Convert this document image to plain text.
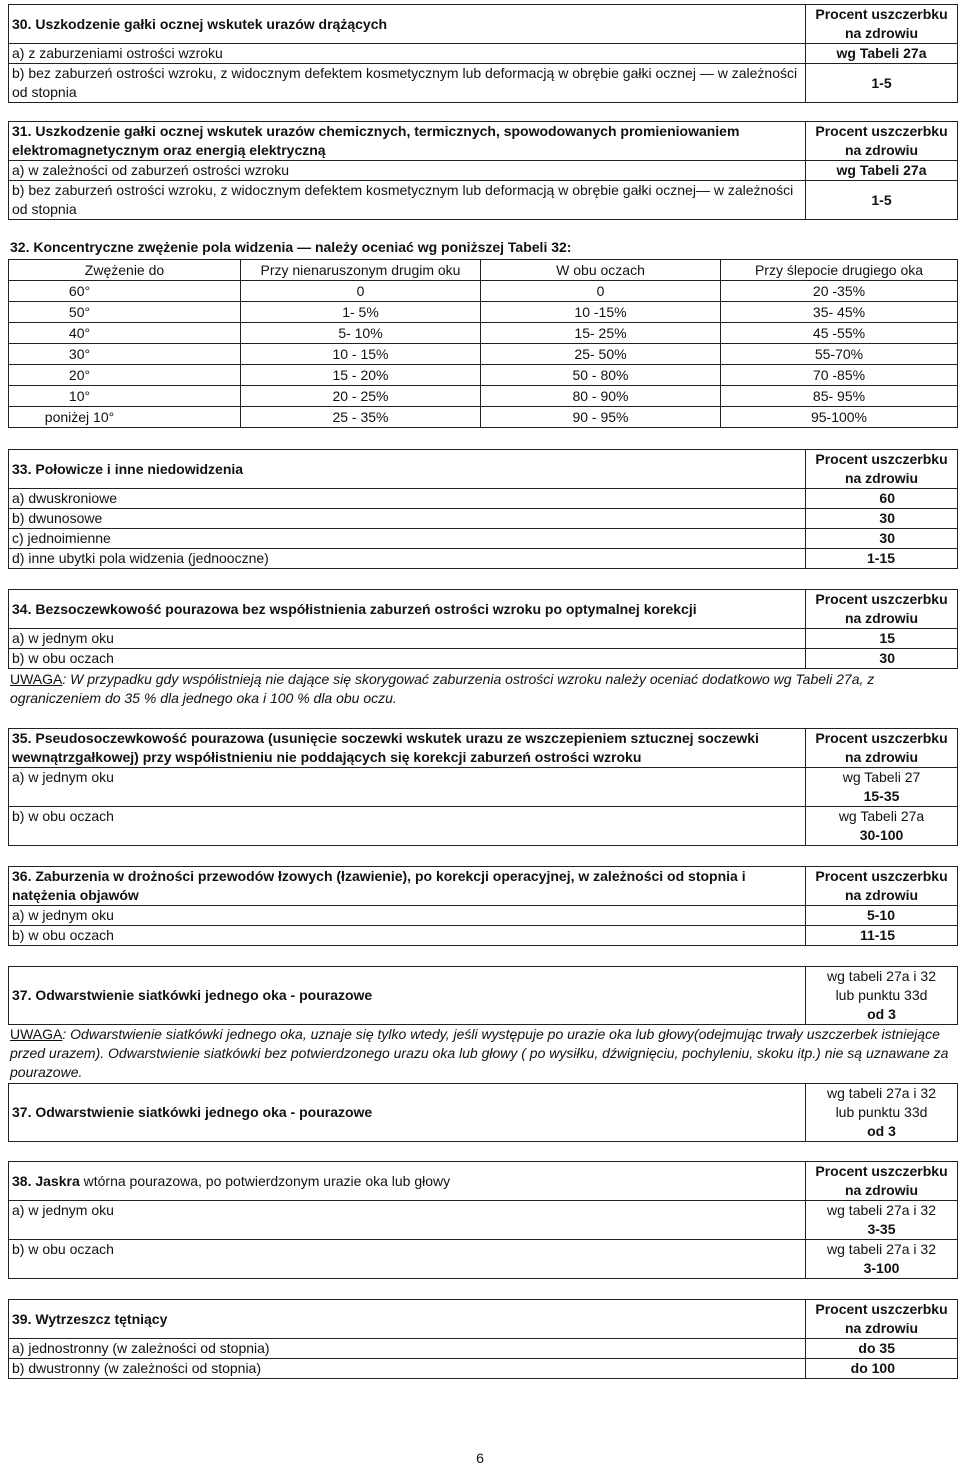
30. Uszkodzenie gałki ocznej wskutek urazów drążących	Procent uszczerbku
na zdrowiu
a) z zaburzeniami ostrości wzroku	wg Tabeli 27a
b) bez zaburzeń ostrości wzroku, z widocznym defektem kosmetycznym lub deformacją w obrębie gałki ocznej — w zależności od stopnia	1-5
31. Uszkodzenie gałki ocznej wskutek urazów chemicznych, termicznych, spowodowanych promieniowaniem elektromagnetycznym oraz energią elektryczną	Procent uszczerbku
na zdrowiu
a) w zależności od zaburzeń ostrości wzroku	wg Tabeli 27a
b) bez zaburzeń ostrości wzroku, z widocznym defektem kosmetycznym lub deformacją w obrębie gałki ocznej— w zależności od stopnia	1-5
32. Koncentryczne zwężenie pola widzenia — należy oceniać wg poniższej Tabeli 32:
Zwężenie do	Przy nienaruszonym drugim oku	W obu oczach	Przy ślepocie drugiego oka
60°	0	0	20 -35%
50°	1- 5%	10 -15%	35- 45%
40°	5- 10%	15- 25%	45 -55%
30°	10 - 15%	25- 50%	55-70%
20°	15 - 20%	50 - 80%	70 -85%
10°	20 - 25%	80 - 90%	85- 95%
poniżej 10°	25 - 35%	90 - 95%	95-100%
33. Połowicze i inne niedowidzenia	Procent uszczerbku
na zdrowiu
a) dwuskroniowe	60
b) dwunosowe	30
c) jednoimienne	30
d) inne ubytki pola widzenia (jednooczne)	1-15
34. Bezsoczewkowość pourazowa bez współistnienia zaburzeń ostrości wzroku po optymalnej korekcji	Procent uszczerbku
na zdrowiu
a) w jednym oku	15
b) w obu oczach	30
UWAGA: W przypadku gdy współistnieją nie dające się skorygować zaburzenia ostrości wzroku należy oceniać dodatkowo wg Tabeli 27a, z ograniczeniem do 35 % dla jednego oka i 100 % dla obu oczu.
35. Pseudosoczewkowość pourazowa (usunięcie soczewki wskutek urazu ze wszczepieniem sztucznej soczewki wewnątrzgałkowej) przy współistnieniu nie poddających się korekcji zaburzeń ostrości wzroku	Procent uszczerbku
na zdrowiu
a) w jednym oku	wg Tabeli 27
15-35
b) w obu oczach	wg Tabeli 27a
30-100
36. Zaburzenia w drożności przewodów łzowych (łzawienie), po korekcji operacyjnej, w zależności od stopnia i natężenia objawów	Procent uszczerbku
na zdrowiu
a) w jednym oku	5-10
b) w obu oczach	11-15
37. Odwarstwienie siatkówki jednego oka - pourazowe	wg tabeli 27a i 32
lub punktu 33d
od 3
UWAGA: Odwarstwienie siatkówki jednego oka, uznaje się tylko wtedy, jeśli występuje po urazie oka lub głowy(odejmując trwały uszczerbek istniejące przed urazem). Odwarstwienie siatkówki bez potwierdzonego urazu oka lub głowy ( po wysiłku, dźwignięciu, pochyleniu, skoku itp.) nie są uznawane za pourazowe.
37. Odwarstwienie siatkówki jednego oka - pourazowe	wg tabeli 27a i 32
lub punktu 33d
od 3
38. Jaskra wtórna pourazowa, po potwierdzonym urazie oka lub głowy	Procent uszczerbku
na zdrowiu
a) w jednym oku	wg tabeli 27a i 32
3-35
b) w obu oczach	wg tabeli 27a i 32
3-100
39. Wytrzeszcz tętniący	Procent uszczerbku
na zdrowiu
a) jednostronny (w zależności od stopnia)	do 35
b) dwustronny (w zależności od stopnia)	do 100
6
